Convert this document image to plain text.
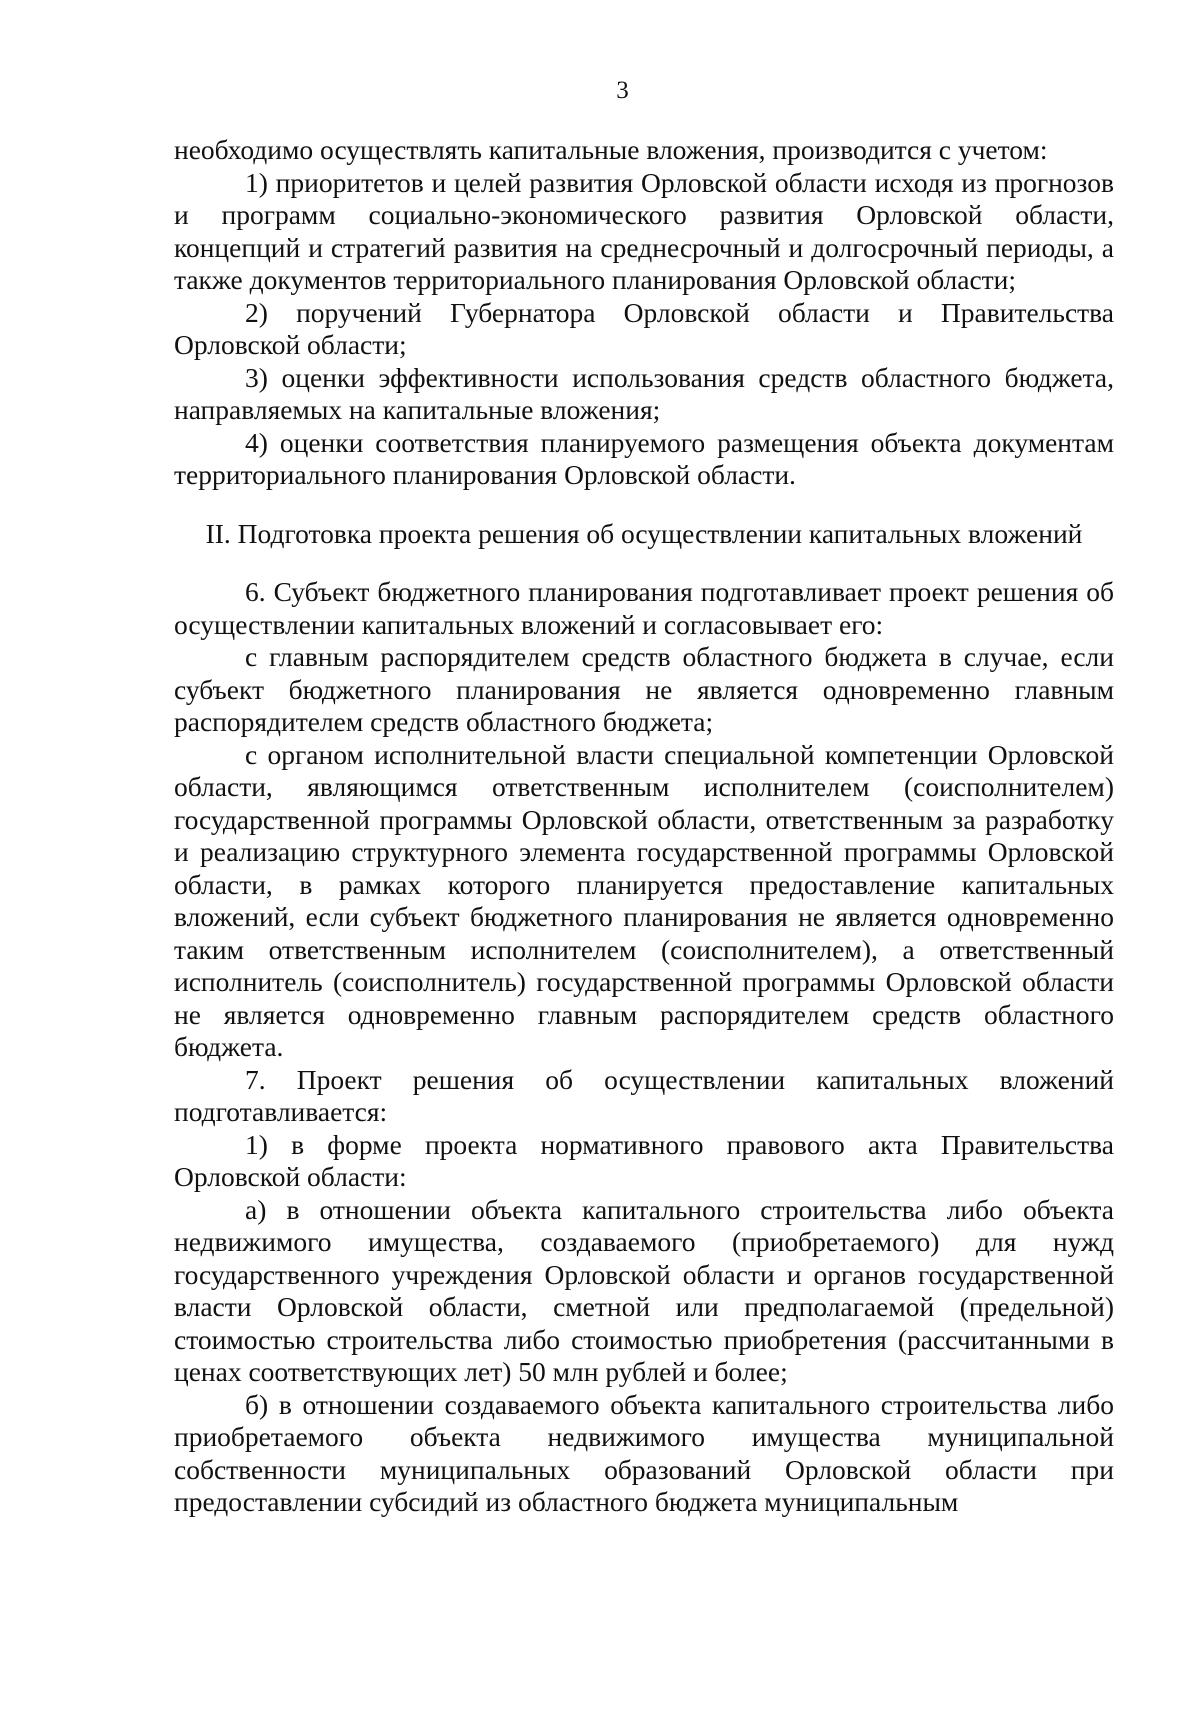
3

необходимо осуществлять капитальные вложения, производится с учетом:

1) приоритетов и целей развития Орловской области исходя из прогнозов и программ социально-экономического развития Орловской области, концепций и стратегий развития на среднесрочный и долгосрочный периоды, а также документов территориального планирования Орловской области;

2) поручений Губернатора Орловской области и Правительства Орловской области;

3) оценки эффективности использования средств областного бюджета, направляемых на капитальные вложения;

4) оценки соответствия планируемого размещения объекта документам территориального планирования Орловской области.

II. Подготовка проекта решения об осуществлении капитальных вложений

6. Субъект бюджетного планирования подготавливает проект решения об осуществлении капитальных вложений и согласовывает его:

с главным распорядителем средств областного бюджета в случае, если субъект бюджетного планирования не является одновременно главным распорядителем средств областного бюджета;

с органом исполнительной власти специальной компетенции Орловской области, являющимся ответственным исполнителем (соисполнителем) государственной программы Орловской области, ответственным за разработку и реализацию структурного элемента государственной программы Орловской области, в рамках которого планируется предоставление капитальных вложений, если субъект бюджетного планирования не является одновременно таким ответственным исполнителем (соисполнителем), а ответственный исполнитель (соисполнитель) государственной программы Орловской области не является одновременно главным распорядителем средств областного бюджета.

7. Проект решения об осуществлении капитальных вложений подготавливается:

1) в форме проекта нормативного правового акта Правительства Орловской области:

а) в отношении объекта капитального строительства либо объекта недвижимого имущества, создаваемого (приобретаемого) для нужд государственного учреждения Орловской области и органов государственной власти Орловской области, сметной или предполагаемой (предельной) стоимостью строительства либо стоимостью приобретения (рассчитанными в ценах соответствующих лет) 50 млн рублей и более;

б) в отношении создаваемого объекта капитального строительства либо приобретаемого объекта недвижимого имущества муниципальной собственности муниципальных образований Орловской области при предоставлении субсидий из областного бюджета муниципальным
